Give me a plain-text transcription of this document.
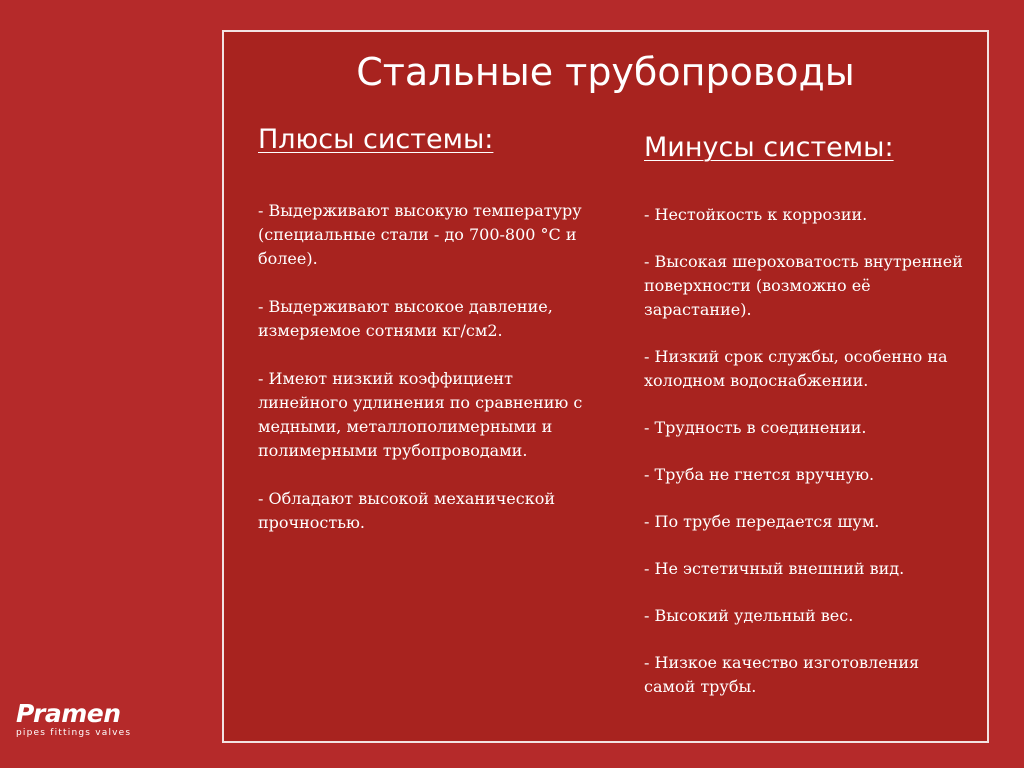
Стальные трубопроводы

Плюсы системы:

- Выдерживают высокую температуру (специальные стали - до 700-800 °С и более).

- Выдерживают высокое давление, измеряемое сотнями кг/см2.

- Имеют низкий коэффициент линейного удлинения по сравнению с медными, металлополимерными и полимерными трубопроводами.

- Обладают высокой механической прочностью.

Минусы системы:

- Нестойкость к коррозии.

- Высокая шероховатость внутренней поверхности (возможно её зарастание).

- Низкий срок службы, особенно на холодном водоснабжении.

- Трудность в соединении.

- Труба не гнется вручную.

- По трубе передается шум.

- Не эстетичный внешний вид.

- Высокий удельный вес.

- Низкое качество изготовления самой трубы.

Pramen
pipes fittings valves
